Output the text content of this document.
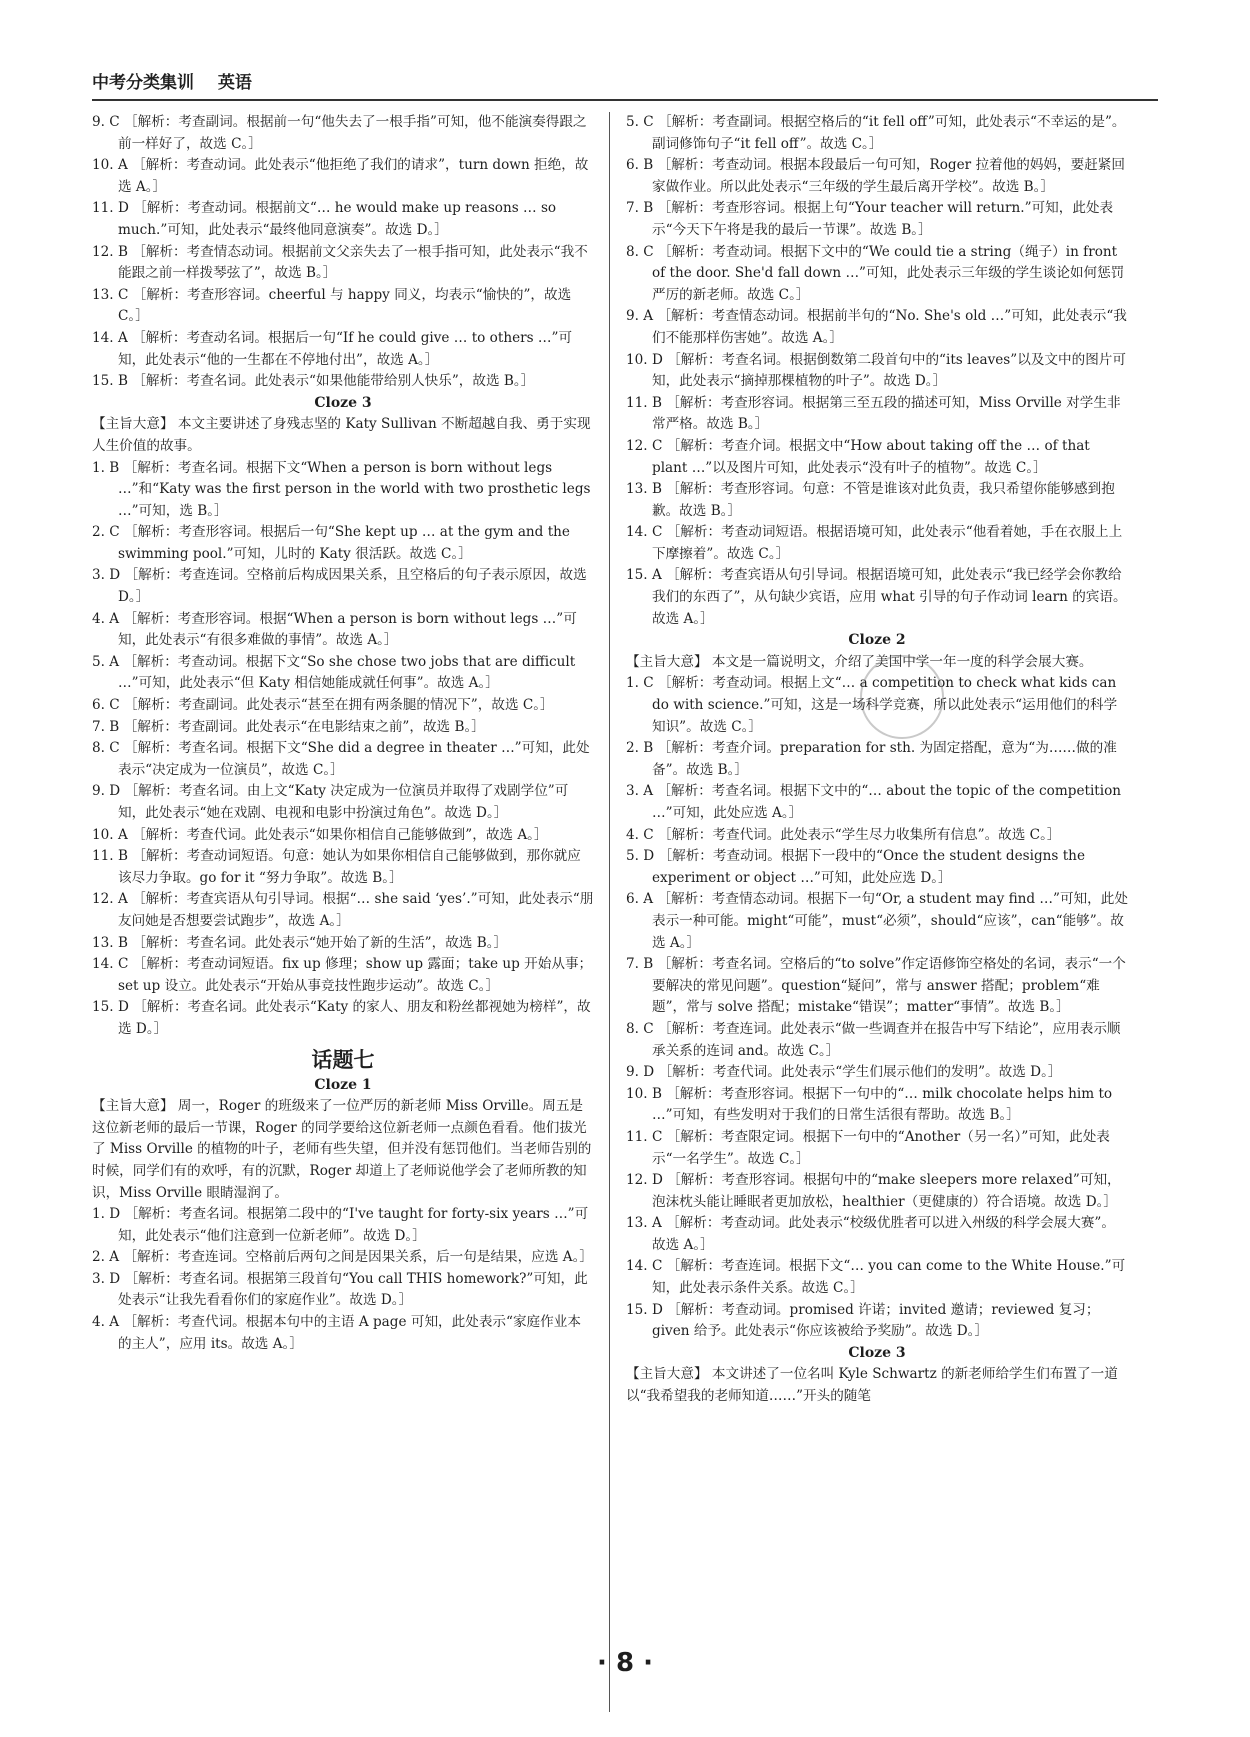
中考分类集训 英语
9. C ［解析：考查副词。根据前一句“他失去了一根手指”可知，他不能演奏得跟之前一样好了，故选 C。］
10. A ［解析：考查动词。此处表示“他拒绝了我们的请求”，turn down 拒绝，故选 A。］
11. D ［解析：考查动词。根据前文“… he would make up reasons … so much.”可知，此处表示“最终他同意演奏”。故选 D。］
12. B ［解析：考查情态动词。根据前文父亲失去了一根手指可知，此处表示“我不能跟之前一样拨琴弦了”，故选 B。］
13. C ［解析：考查形容词。cheerful 与 happy 同义，均表示“愉快的”，故选 C。］
14. A ［解析：考查动名词。根据后一句“If he could give … to others …”可知，此处表示“他的一生都在不停地付出”，故选 A。］
15. B ［解析：考查名词。此处表示“如果他能带给别人快乐”，故选 B。］
Cloze 3
【主旨大意】 本文主要讲述了身残志坚的 Katy Sullivan 不断超越自我、勇于实现人生价值的故事。
1. B ［解析：考查名词。根据下文“When a person is born without legs …”和“Katy was the first person in the world with two prosthetic legs …”可知，选 B。］
2. C ［解析：考查形容词。根据后一句“She kept up … at the gym and the swimming pool.”可知，儿时的 Katy 很活跃。故选 C。］
3. D ［解析：考查连词。空格前后构成因果关系，且空格后的句子表示原因，故选 D。］
4. A ［解析：考查形容词。根据“When a person is born without legs …”可知，此处表示“有很多难做的事情”。故选 A。］
5. A ［解析：考查动词。根据下文“So she chose two jobs that are difficult …”可知，此处表示“但 Katy 相信她能成就任何事”。故选 A。］
6. C ［解析：考查副词。此处表示“甚至在拥有两条腿的情况下”，故选 C。］
7. B ［解析：考查副词。此处表示“在电影结束之前”，故选 B。］
8. C ［解析：考查名词。根据下文“She did a degree in theater …”可知，此处表示“决定成为一位演员”，故选 C。］
9. D ［解析：考查名词。由上文“Katy 决定成为一位演员并取得了戏剧学位”可知，此处表示“她在戏剧、电视和电影中扮演过角色”。故选 D。］
10. A ［解析：考查代词。此处表示“如果你相信自己能够做到”，故选 A。］
11. B ［解析：考查动词短语。句意：她认为如果你相信自己能够做到，那你就应该尽力争取。go for it “努力争取”。故选 B。］
12. A ［解析：考查宾语从句引导词。根据“… she said ‘yes’.”可知，此处表示“朋友问她是否想要尝试跑步”，故选 A。］
13. B ［解析：考查名词。此处表示“她开始了新的生活”，故选 B。］
14. C ［解析：考查动词短语。fix up 修理；show up 露面；take up 开始从事；set up 设立。此处表示“开始从事竞技性跑步运动”。故选 C。］
15. D ［解析：考查名词。此处表示“Katy 的家人、朋友和粉丝都视她为榜样”，故选 D。］
话题七
Cloze 1
【主旨大意】 周一，Roger 的班级来了一位严厉的新老师 Miss Orville。周五是这位新老师的最后一节课，Roger 的同学要给这位新老师一点颜色看看。他们拔光了 Miss Orville 的植物的叶子，老师有些失望，但并没有惩罚他们。当老师告别的时候，同学们有的欢呼，有的沉默，Roger 却道上了老师说他学会了老师所教的知识，Miss Orville 眼睛湿润了。
1. D ［解析：考查名词。根据第二段中的“I've taught for forty-six years …”可知，此处表示“他们注意到一位新老师”。故选 D。］
2. A ［解析：考查连词。空格前后两句之间是因果关系，后一句是结果，应选 A。］
3. D ［解析：考查名词。根据第三段首句“You call THIS homework?”可知，此处表示“让我先看看你们的家庭作业”。故选 D。］
4. A ［解析：考查代词。根据本句中的主语 A page 可知，此处表示“家庭作业本的主人”，应用 its。故选 A。］
5. C ［解析：考查副词。根据空格后的“it fell off”可知，此处表示“不幸运的是”。副词修饰句子“it fell off”。故选 C。］
6. B ［解析：考查动词。根据本段最后一句可知，Roger 拉着他的妈妈，要赶紧回家做作业。所以此处表示“三年级的学生最后离开学校”。故选 B。］
7. B ［解析：考查形容词。根据上句“Your teacher will return.”可知，此处表示“今天下午将是我的最后一节课”。故选 B。］
8. C ［解析：考查动词。根据下文中的“We could tie a string（绳子）in front of the door. She'd fall down …”可知，此处表示三年级的学生谈论如何惩罚严厉的新老师。故选 C。］
9. A ［解析：考查情态动词。根据前半句的“No. She's old …”可知，此处表示“我们不能那样伤害她”。故选 A。］
10. D ［解析：考查名词。根据倒数第二段首句中的“its leaves”以及文中的图片可知，此处表示“摘掉那棵植物的叶子”。故选 D。］
11. B ［解析：考查形容词。根据第三至五段的描述可知，Miss Orville 对学生非常严格。故选 B。］
12. C ［解析：考查介词。根据文中“How about taking off the … of that plant …”以及图片可知，此处表示“没有叶子的植物”。故选 C。］
13. B ［解析：考查形容词。句意：不管是谁该对此负责，我只希望你能够感到抱歉。故选 B。］
14. C ［解析：考查动词短语。根据语境可知，此处表示“他看着她，手在衣服上上下摩擦着”。故选 C。］
15. A ［解析：考查宾语从句引导词。根据语境可知，此处表示“我已经学会你教给我们的东西了”，从句缺少宾语，应用 what 引导的句子作动词 learn 的宾语。故选 A。］
Cloze 2
【主旨大意】 本文是一篇说明文，介绍了美国中学一年一度的科学会展大赛。
1. C ［解析：考查动词。根据上文“… a competition to check what kids can do with science.”可知，这是一场科学竞赛，所以此处表示“运用他们的科学知识”。故选 C。］
2. B ［解析：考查介词。preparation for sth. 为固定搭配，意为“为……做的准备”。故选 B。］
3. A ［解析：考查名词。根据下文中的“… about the topic of the competition …”可知，此处应选 A。］
4. C ［解析：考查代词。此处表示“学生尽力收集所有信息”。故选 C。］
5. D ［解析：考查动词。根据下一段中的“Once the student designs the experiment or object …”可知，此处应选 D。］
6. A ［解析：考查情态动词。根据下一句“Or, a student may find …”可知，此处表示一种可能。might“可能”，must“必须”，should“应该”，can“能够”。故选 A。］
7. B ［解析：考查名词。空格后的“to solve”作定语修饰空格处的名词，表示“一个要解决的常见问题”。question“疑问”，常与 answer 搭配；problem“难题”，常与 solve 搭配；mistake“错误”；matter“事情”。故选 B。］
8. C ［解析：考查连词。此处表示“做一些调查并在报告中写下结论”，应用表示顺承关系的连词 and。故选 C。］
9. D ［解析：考查代词。此处表示“学生们展示他们的发明”。故选 D。］
10. B ［解析：考查形容词。根据下一句中的“… milk chocolate helps him to …”可知，有些发明对于我们的日常生活很有帮助。故选 B。］
11. C ［解析：考查限定词。根据下一句中的“Another（另一名）”可知，此处表示“一名学生”。故选 C。］
12. D ［解析：考查形容词。根据句中的“make sleepers more relaxed”可知，泡沫枕头能让睡眠者更加放松，healthier（更健康的）符合语境。故选 D。］
13. A ［解析：考查动词。此处表示“校级优胜者可以进入州级的科学会展大赛”。故选 A。］
14. C ［解析：考查连词。根据下文“… you can come to the White House.”可知，此处表示条件关系。故选 C。］
15. D ［解析：考查动词。promised 许诺；invited 邀请；reviewed 复习；given 给予。此处表示“你应该被给予奖励”。故选 D。］
Cloze 3
【主旨大意】 本文讲述了一位名叫 Kyle Schwartz 的新老师给学生们布置了一道以“我希望我的老师知道……”开头的随笔
· 8 ·
